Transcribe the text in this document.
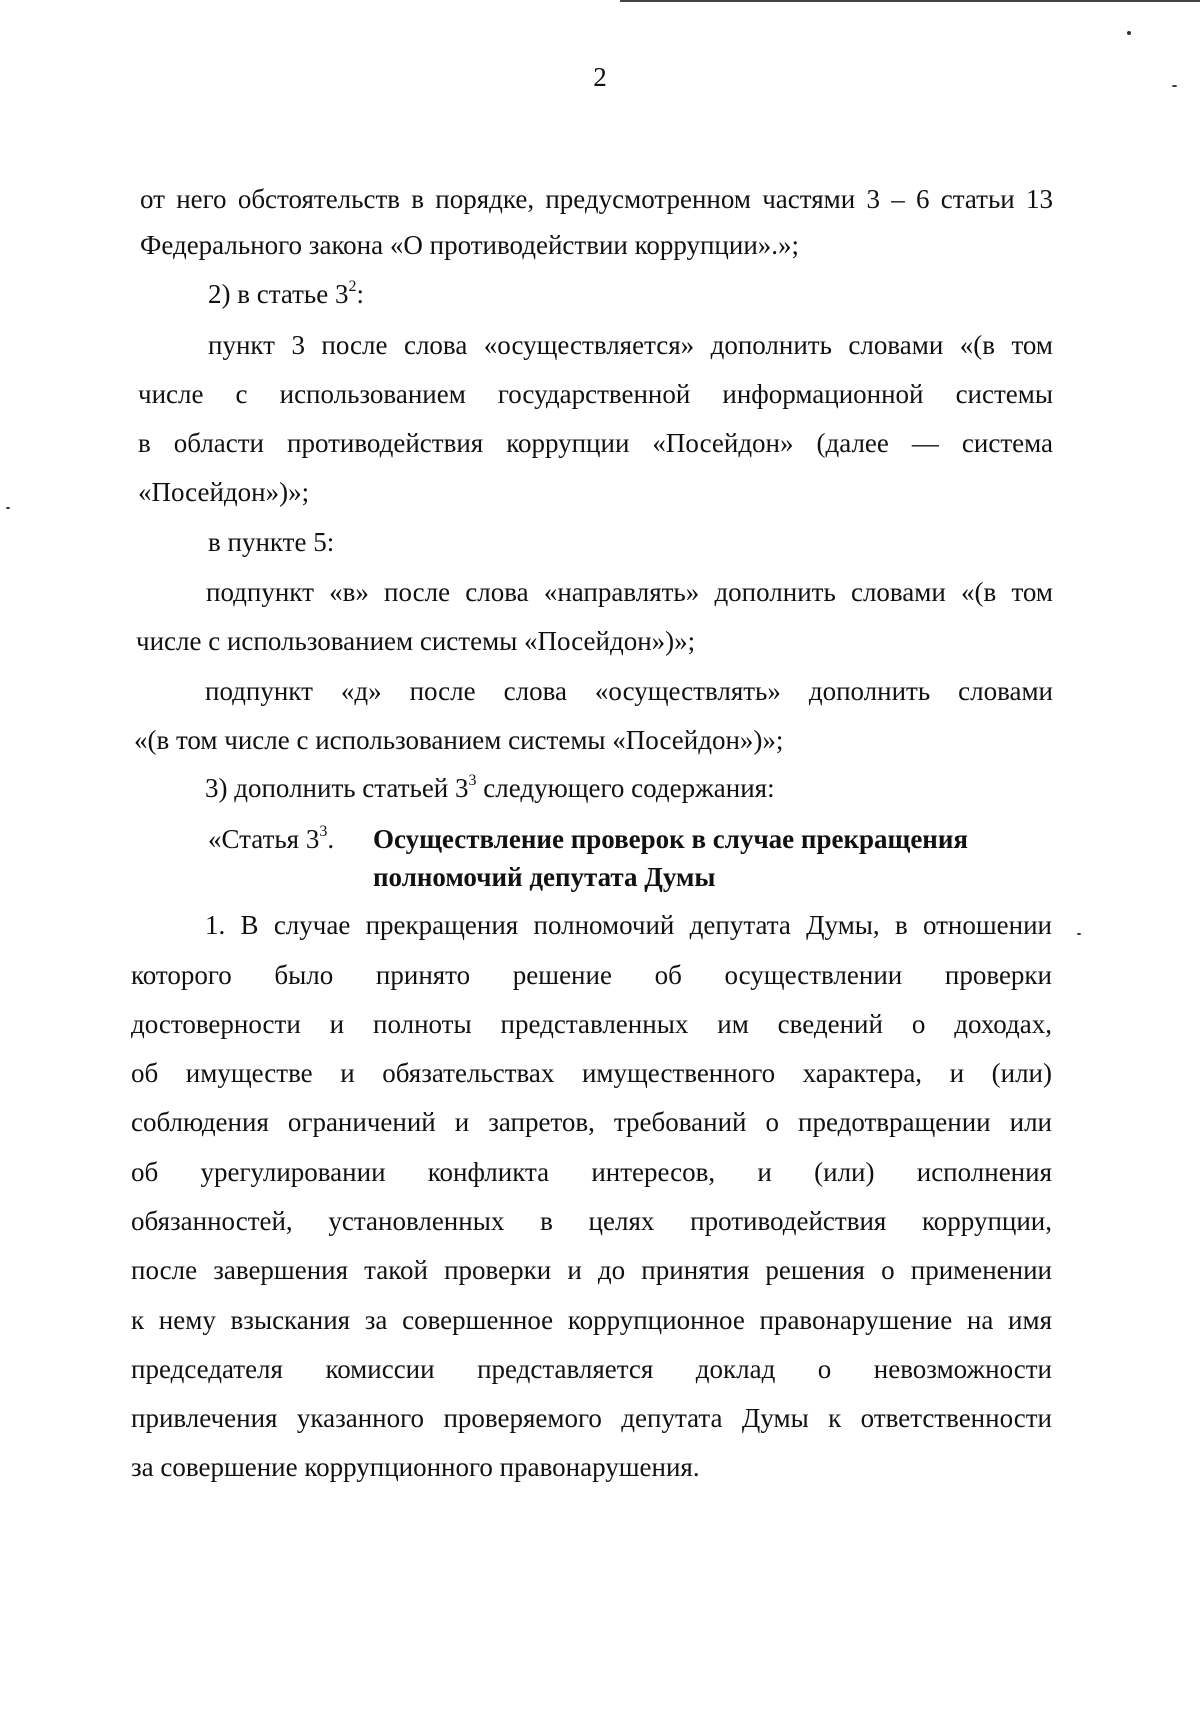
2
от него обстоятельств в порядке, предусмотренном частями 3 – 6 статьи 13
Федерального закона «О противодействии коррупции».»;
2) в статье $3^2$:
пункт 3 после слова «осуществляется» дополнить словами «(в том
числе с использованием государственной информационной системы
в области противодействия коррупции «Посейдон» (далее — система
«Посейдон»)»;
в пункте 5:
подпункт «в» после слова «направлять» дополнить словами «(в том
числе с использованием системы «Посейдон»)»;
подпункт «д» после слова «осуществлять» дополнить словами
«(в том числе с использованием системы «Посейдон»)»;
3) дополнить статьей $3^3$ следующего содержания:
«Статья $3^3$. Осуществление проверок в случае прекращения
полномочий депутата Думы
1. В случае прекращения полномочий депутата Думы, в отношении
которого было принято решение об осуществлении проверки
достоверности и полноты представленных им сведений о доходах,
об имуществе и обязательствах имущественного характера, и (или)
соблюдения ограничений и запретов, требований о предотвращении или
об урегулировании конфликта интересов, и (или) исполнения
обязанностей, установленных в целях противодействия коррупции,
после завершения такой проверки и до принятия решения о применении
к нему взыскания за совершенное коррупционное правонарушение на имя
председателя комиссии представляется доклад о невозможности
привлечения указанного проверяемого депутата Думы к ответственности
за совершение коррупционного правонарушения.
